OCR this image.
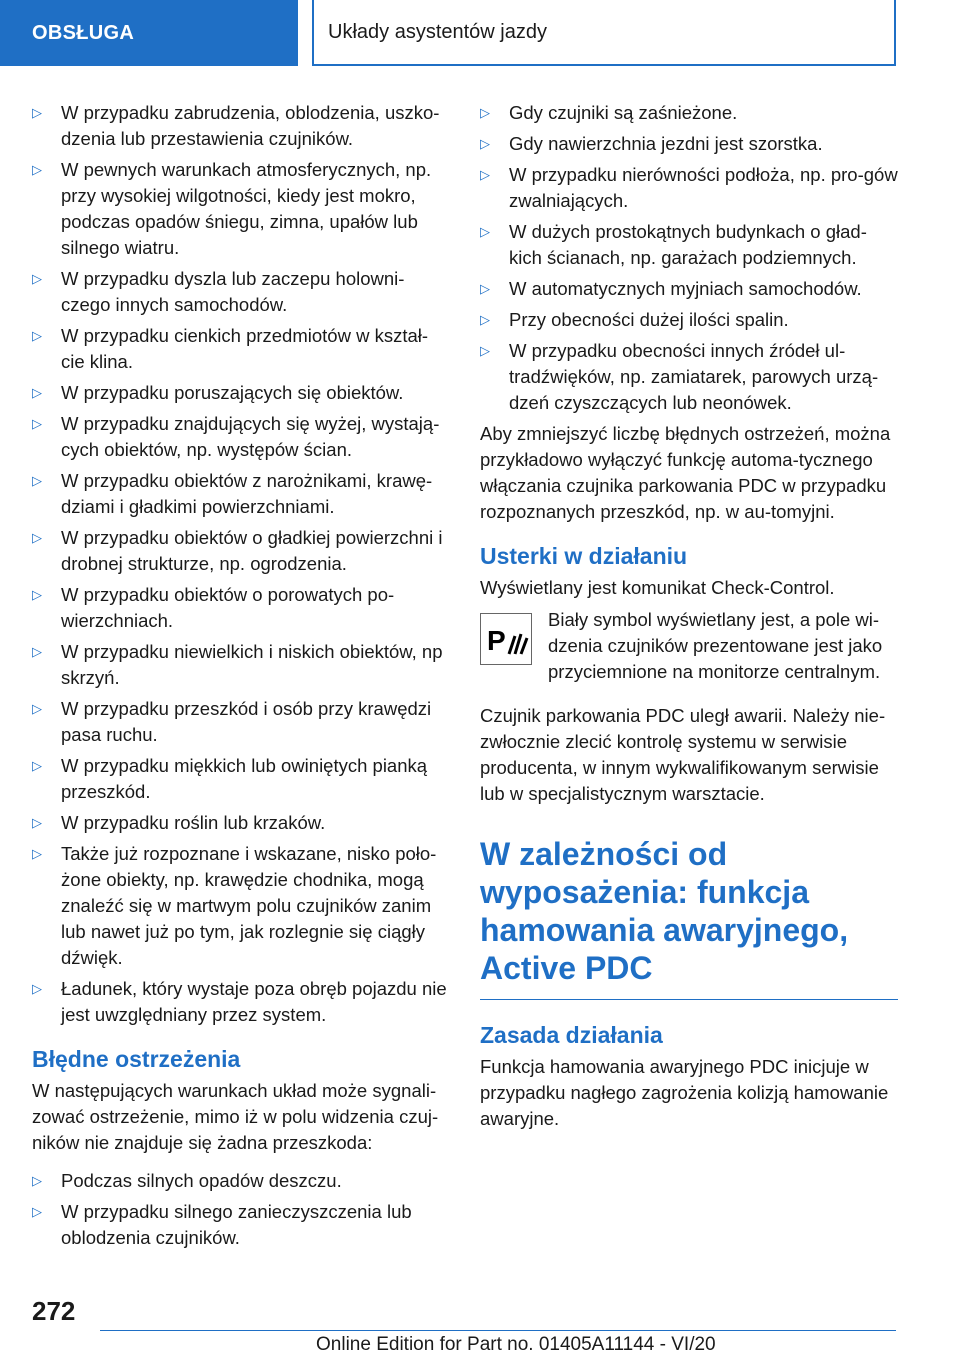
OBSŁUGA	Układy asystentów jazdy
▷ W przypadku zabrudzenia, oblodzenia, uszko-dzenia lub przestawienia czujników.
▷ W pewnych warunkach atmosferycznych, np. przy wysokiej wilgotności, kiedy jest mokro, podczas opadów śniegu, zimna, upałów lub silnego wiatru.
▷ W przypadku dyszla lub zaczepu holowni-czego innych samochodów.
▷ W przypadku cienkich przedmiotów w kształ-cie klina.
▷ W przypadku poruszających się obiektów.
▷ W przypadku znajdujących się wyżej, wystają-cych obiektów, np. występów ścian.
▷ W przypadku obiektów z narożnikami, krawę-dziami i gładkimi powierzchniami.
▷ W przypadku obiektów o gładkiej powierzchni i drobnej strukturze, np. ogrodzenia.
▷ W przypadku obiektów o porowatych po-wierzchniach.
▷ W przypadku niewielkich i niskich obiektów, np skrzyń.
▷ W przypadku przeszkód i osób przy krawędzi pasa ruchu.
▷ W przypadku miękkich lub owiniętych pianką przeszkód.
▷ W przypadku roślin lub krzaków.
▷ Także już rozpoznane i wskazane, nisko poło-żone obiekty, np. krawędzie chodnika, mogą znaleźć się w martwym polu czujników zanim lub nawet już po tym, jak rozlegnie się ciągły dźwięk.
▷ Ładunek, który wystaje poza obręb pojazdu nie jest uwzględniany przez system.
Błędne ostrzeżenia

W następujących warunkach układ może sygnali-zować ostrzeżenie, mimo iż w polu widzenia czuj-ników nie znajduje się żadna przeszkoda:

▷ Podczas silnych opadów deszczu.
▷ W przypadku silnego zanieczyszczenia lub oblodzenia czujników.
▷ Gdy czujniki są zaśnieżone.
▷ Gdy nawierzchnia jezdni jest szorstka.
▷ W przypadku nierówności podłoża, np. pro-gów zwalniających.
▷ W dużych prostokątnych budynkach o gład-kich ścianach, np. garażach podziemnych.
▷ W automatycznych myjniach samochodów.
▷ Przy obecności dużej ilości spalin.
▷ W przypadku obecności innych źródeł ul-tradźwięków, np. zamiatarek, parowych urzą-dzeń czyszczących lub neonówek.

Aby zmniejszyć liczbę błędnych ostrzeżeń, można przykładowo wyłączyć funkcję automa-tycznego włączania czujnika parkowania PDC w przypadku rozpoznanych przeszkód, np. w au-tomyjni.

Usterki w działaniu

Wyświetlany jest komunikat Check-Control.

P
Biały symbol wyświetlany jest, a pole wi-dzenia czujników prezentowane jest jako przyciemnione na monitorze centralnym.

Czujnik parkowania PDC uległ awarii. Należy nie-zwłocznie zlecić kontrolę systemu w serwisie producenta, w innym wykwalifikowanym serwisie lub w specjalistycznym warsztacie.

W zależności od wyposażenia: funkcja hamowania awaryjnego, Active PDC
Zasada działania

Funkcja hamowania awaryjnego PDC inicjuje w przypadku nagłego zagrożenia kolizją hamowanie awaryjne.

272
Online Edition for Part no. 01405A11144 - VI/20
